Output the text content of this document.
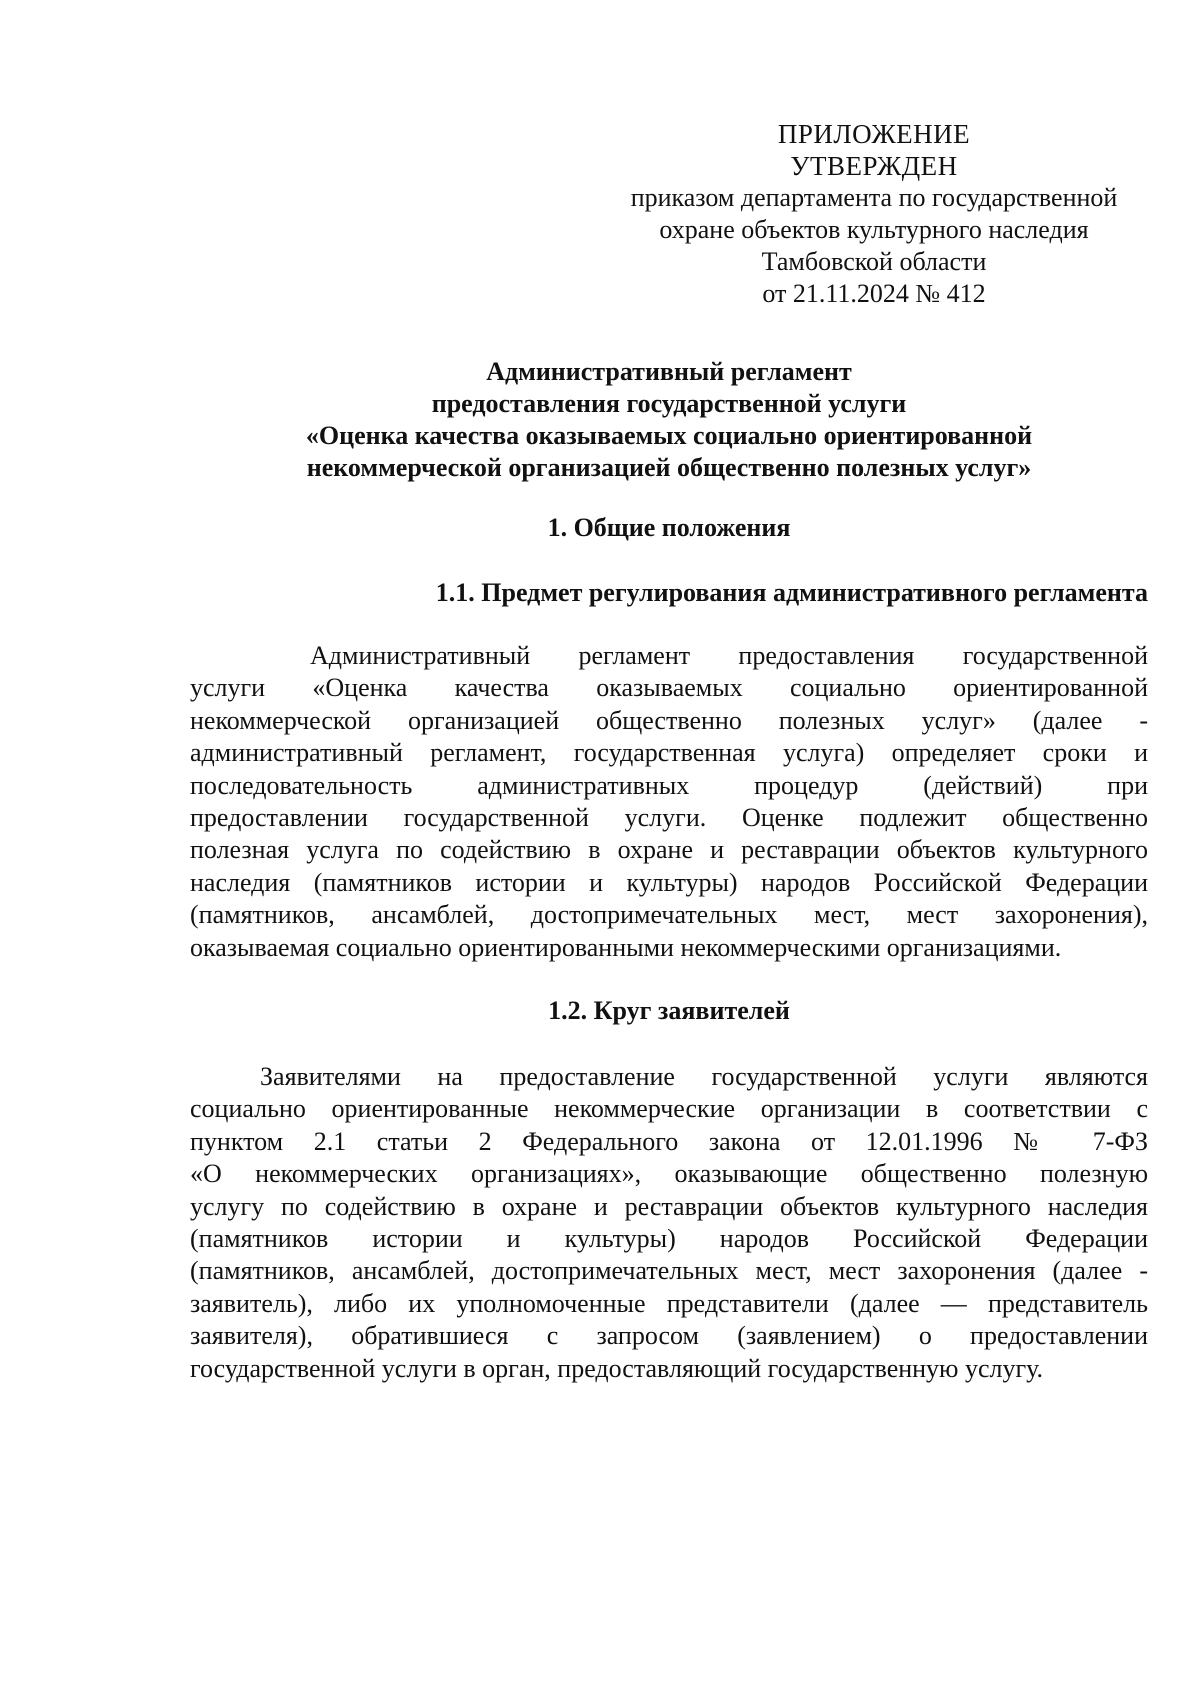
ПРИЛОЖЕНИЕ
УТВЕРЖДЕН
приказом департамента по государственной
охране объектов культурного наследия
Тамбовской области
от 21.11.2024 № 412
Административный регламент
предоставления государственной услуги
«Оценка качества оказываемых социально ориентированной
некоммерческой организацией общественно полезных услуг»
1. Общие положения
1.1. Предмет регулирования административного регламента
Административный регламент предоставления государственной
услуги «Оценка качества оказываемых социально ориентированной
некоммерческой организацией общественно полезных услуг» (далее -
административный регламент, государственная услуга) определяет сроки и
последовательность административных процедур (действий) при
предоставлении государственной услуги. Оценке подлежит общественно
полезная услуга по содействию в охране и реставрации объектов культурного
наследия (памятников истории и культуры) народов Российской Федерации
(памятников, ансамблей, достопримечательных мест, мест захоронения),
оказываемая социально ориентированными некоммерческими организациями.
1.2. Круг заявителей
Заявителями на предоставление государственной услуги являются
социально ориентированные некоммерческие организации в соответствии с
пунктом 2.1 статьи 2 Федерального закона от 12.01.1996 № 7-ФЗ
«О некоммерческих организациях», оказывающие общественно полезную
услугу по содействию в охране и реставрации объектов культурного наследия
(памятников истории и культуры) народов Российской Федерации
(памятников, ансамблей, достопримечательных мест, мест захоронения (далее -
заявитель), либо их уполномоченные представители (далее — представитель
заявителя), обратившиеся с запросом (заявлением) о предоставлении
государственной услуги в орган, предоставляющий государственную услугу.
